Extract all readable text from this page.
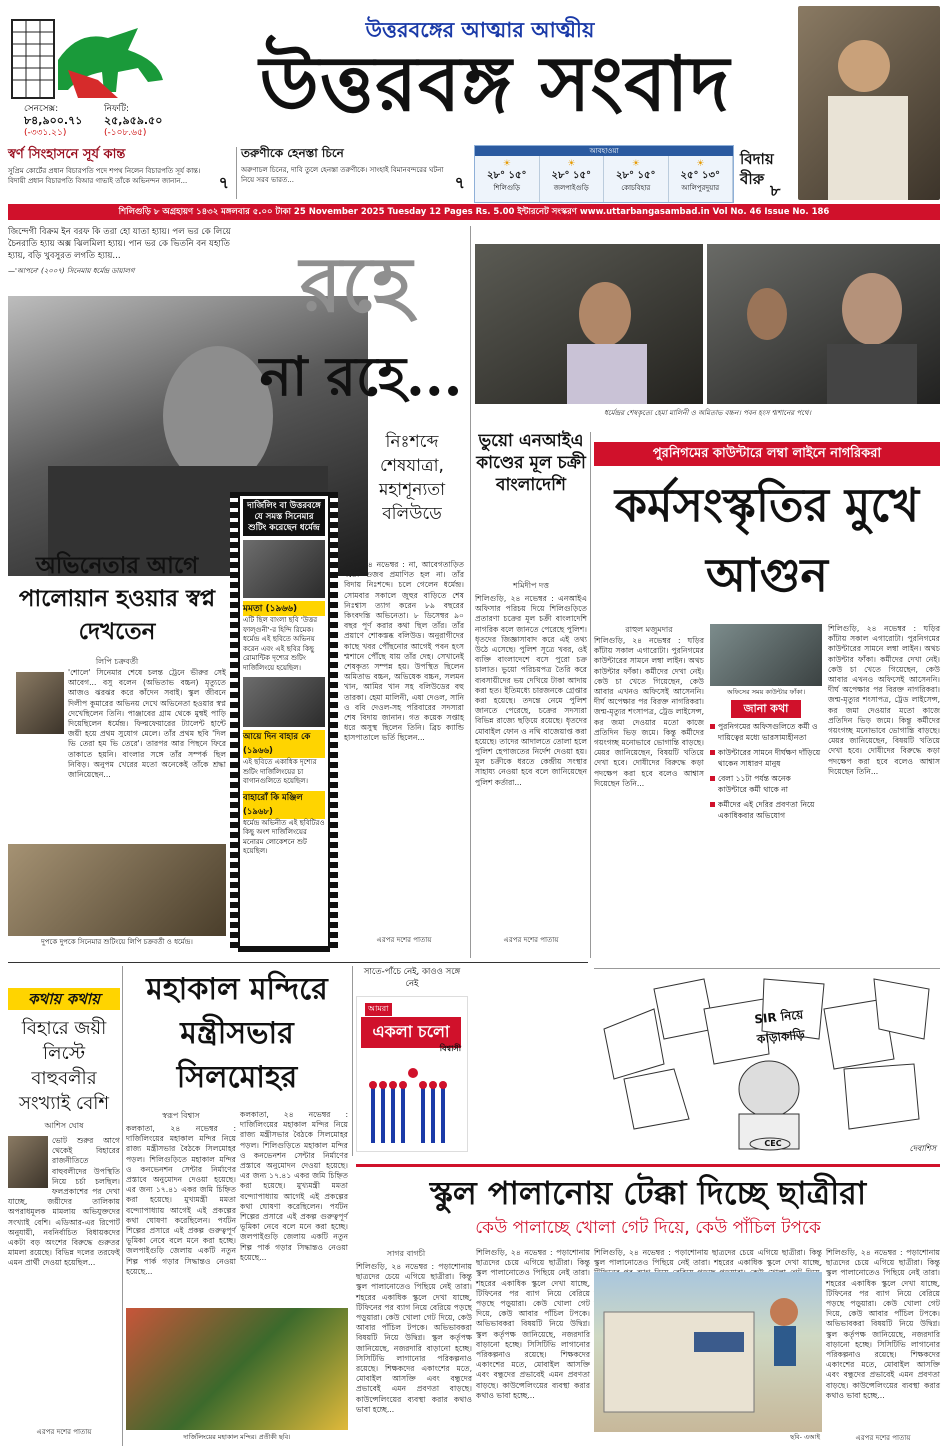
সেনসেক্স:
৮৪,৯০০.৭১
(-৩৩১.২১)
নিফটি:
২৫,৯৫৯.৫০
(-১০৮.৬৫)
উত্তরবঙ্গের আত্মার আত্মীয়
উত্তরবঙ্গ সংবাদ
স্বর্ণ সিংহাসনে সূর্য কান্ত
সুপ্রিম কোর্টের প্রধান বিচারপতি পদে শপথ নিলেন বিচারপতি সূর্য কান্ত। বিদায়ী প্রধান বিচারপতি বিআর গাভাই তাঁকে অভিনন্দন জানান...	৭
তরুণীকে হেনস্তা চিনে
অরুণাচল চিনের, দাবি তুলে হেনস্তা তরুণীকে। সাংহাই বিমানবন্দরের ঘটনা নিয়ে সরব ভারত...	৭
আবহাওয়া
☀
২৮° ১৫°
শিলিগুড়ি
☀
২৮° ১৫°
জলপাইগুড়ি
☀
২৮° ১৫°
কোচবিহার
☀
২৫° ১৩°
আলিপুরদুয়ার
বিদায় বীরু
৮
শিলিগুড়ি ৮ অগ্রহায়ণ ১৪৩২ মঙ্গলবার ৫.০০ টাকা 25 November 2025 Tuesday 12 Pages Rs. 5.00 ইন্টারনেট সংস্করণ www.uttarbangasambad.in Vol No. 46 Issue No. 186
জিন্দেগী বিক্রম ইন বরফ কি তরা হো যাতা হ্যায়। পল ভর কে লিয়ে চৈনরাতি হ্যায় অক্স ঝিলমিলা হ্যায়। পান ভর কে ভিতনি বন যহাতি হ্যায়, বড়ি খুবসুরত লগতি হ্যায়...
—'আপনে' (২০০৭) সিনেমায় ধর্মেন্দ্র ডায়ালগ	রহে
না রহে...
নিঃশব্দে শেষযাত্রা, মহাশূন্যতা বলিউডে
দার্জিলিং বা উত্তরবঙ্গে যে সমস্ত সিনেমার শুটিং করেছেন ধর্মেন্দ্র
মমতা (১৯৬৬)
এটি ছিল বাংলা ছবি 'উত্তর ফাল্গুনী'-র হিন্দি রিমেক। ধর্মেন্দ্র এই ছবিতে অভিনয় করেন এবং এই ছবির কিছু রোমান্টিক দৃশ্যের শুটিং দার্জিলিংয়ে হয়েছিল।
আয়ে দিন বাহার কে (১৯৬৬)
এই ছবিতে একাধিক দৃশ্যের শুটিং দার্জিলিংয়ের চা বাগানগুলিতে হয়েছিল।
বাহারোঁ কি মঞ্জিল (১৯৬৮)
ধর্মেন্দ্র অভিনীত এই ছবিটিরও কিছু অংশ দার্জিলিংয়ের মনোরম লোকেশনে শুট হয়েছিল।
অভিনেতার আগে পালোয়ান হওয়ার স্বপ্ন দেখতেন
লিপি চক্রবর্তী
'শোলে' সিনেমার শেষে চলন্ত ট্রেনে ভীরুর সেই আবেগ... বসু বলেন (অভিতাভ বচ্চন) মৃত্যুতে আজও ঝরঝর করে কাঁদেন সবাই। স্কুল জীবনে দিলীপ কুমারের অভিনয় দেখে অভিনেতা হওয়ার স্বপ্ন দেখেছিলেন তিনি। পাঞ্জাবের গ্রাম থেকে মুম্বই পাড়ি দিয়েছিলেন ধর্মেন্দ্র। ফিল্মফেয়ারের ট্যালেন্ট হান্টে জয়ী হয়ে প্রথম সুযোগ মেলে। তাঁর প্রথম ছবি 'দিল ভি তেরা হম ভি তেরে'। তারপর আর পিছনে ফিরে তাকাতে হয়নি। বাংলার সঙ্গে তাঁর সম্পর্ক ছিল নিবিড়। অনুপম খেরের মতো অনেকেই তাঁকে শ্রদ্ধা জানিয়েছেন...
দুপকে দুপকে সিনেমার শুটিংয়ে লিপি চক্রবর্তী ও ধর্মেন্দ্র।
মুম্বই, ২৪ নভেম্বর : না, আবেগতাড়িত মতো গুজব প্রমাণিত হল না। তাঁর বিদায় নিঃশব্দে। চলে গেলেন ধর্মেন্দ্র। সোমবার সকালে জুহুর বাড়িতে শেষ নিঃশ্বাস ত্যাগ করেন ৮৯ বছরের কিংবদন্তি অভিনেতা। ৮ ডিসেম্বর ৯০ বছর পূর্ণ করার কথা ছিল তাঁর। তাঁর প্রয়াণে শোকস্তব্ধ বলিউড। অনুরাগীদের কাছে খবর পৌঁছনোর আগেই পবন হংস শ্মশানে পৌঁছে যায় তাঁর দেহ। সেখানেই শেষকৃত্য সম্পন্ন হয়। উপস্থিত ছিলেন অমিতাভ বচ্চন, অভিষেক বচ্চন, সলমন খান, আমির খান সহ বলিউডের বহু তারকা। হেমা মালিনী, এষা দেওল, সানি ও ববি দেওল-সহ পরিবারের সদস্যরা শেষ বিদায় জানান। গত কয়েক সপ্তাহ ধরে অসুস্থ ছিলেন তিনি। ব্রিচ ক্যান্ডি হাসপাতালে ভর্তি ছিলেন...
এরপর দশের পাতায়
ধর্মেন্দ্রর শেষকৃত্যে হেমা মালিনী ও অমিতাভ বচ্চন। পবন হংস শ্মশানের পথে।
ভুয়ো এনআইএ কাণ্ডের মূল চক্রী বাংলাদেশি
শমিদীপ দত্ত
শিলিগুড়ি, ২৪ নভেম্বর : এনআইএ অফিসার পরিচয় দিয়ে শিলিগুড়িতে প্রতারণা চক্রের মূল চক্রী বাংলাদেশি নাগরিক বলে জানতে পেরেছে পুলিশ। ধৃতদের জিজ্ঞাসাবাদ করে এই তথ্য উঠে এসেছে। পুলিশ সূত্রে খবর, ওই ব্যক্তি বাংলাদেশে বসে পুরো চক্র চালাত। ভুয়ো পরিচয়পত্র তৈরি করে ব্যবসায়ীদের ভয় দেখিয়ে টাকা আদায় করা হত। ইতিমধ্যে চারজনকে গ্রেপ্তার করা হয়েছে। তদন্তে নেমে পুলিশ জানতে পেরেছে, চক্রের সদস্যরা বিভিন্ন রাজ্যে ছড়িয়ে রয়েছে। ধৃতদের মোবাইল ফোন ও নথি বাজেয়াপ্ত করা হয়েছে। তাদের আদালতে তোলা হলে পুলিশ হেপাজতের নির্দেশ দেওয়া হয়। মূল চক্রীকে ধরতে কেন্দ্রীয় সংস্থার সাহায্য নেওয়া হবে বলে জানিয়েছেন পুলিশ কর্তারা...
এরপর দশের পাতায়
পুরনিগমের কাউন্টারে লম্বা লাইনে নাগরিকরা
কর্মসংস্কৃতির মুখে আগুন
রাহুল মজুমদার
শিলিগুড়ি, ২৪ নভেম্বর : ঘড়ির কাঁটায় সকাল এগারোটা। পুরনিগমের কাউন্টারের সামনে লম্বা লাইন। অথচ কাউন্টার ফাঁকা। কর্মীদের দেখা নেই। কেউ চা খেতে গিয়েছেন, কেউ আবার এখনও অফিসেই আসেননি। দীর্ঘ অপেক্ষার পর বিরক্ত নাগরিকরা। জন্ম-মৃত্যুর শংসাপত্র, ট্রেড লাইসেন্স, কর জমা দেওয়ার মতো কাজে প্রতিদিন ভিড় জমে। কিন্তু কর্মীদের গয়ংগচ্ছ মনোভাবে ভোগান্তি বাড়ছে। মেয়র জানিয়েছেন, বিষয়টি খতিয়ে দেখা হবে। দোষীদের বিরুদ্ধে কড়া পদক্ষেপ করা হবে বলেও আশ্বাস দিয়েছেন তিনি...
অফিসের সময় কাউন্টার ফাঁকা।
জানা কথা
পুরনিগমের অফিসগুলিতে কর্মী ও দায়িত্বের মধ্যে ভারসাম্যহীনতা
কাউন্টারের সামনে দীর্ঘক্ষণ দাঁড়িয়ে থাকেন সাধারণ মানুষ
বেলা ১১টা পর্যন্ত অনেক কাউন্টারে কর্মী থাকে না
কর্মীদের এই দেরির প্রবণতা নিয়ে একাধিকবার অভিযোগ
শিলিগুড়ি, ২৪ নভেম্বর : ঘড়ির কাঁটায় সকাল এগারোটা। পুরনিগমের কাউন্টারের সামনে লম্বা লাইন। অথচ কাউন্টার ফাঁকা। কর্মীদের দেখা নেই। কেউ চা খেতে গিয়েছেন, কেউ আবার এখনও অফিসেই আসেননি। দীর্ঘ অপেক্ষার পর বিরক্ত নাগরিকরা। জন্ম-মৃত্যুর শংসাপত্র, ট্রেড লাইসেন্স, কর জমা দেওয়ার মতো কাজে প্রতিদিন ভিড় জমে। কিন্তু কর্মীদের গয়ংগচ্ছ মনোভাবে ভোগান্তি বাড়ছে। মেয়র জানিয়েছেন, বিষয়টি খতিয়ে দেখা হবে। দোষীদের বিরুদ্ধে কড়া পদক্ষেপ করা হবে বলেও আশ্বাস দিয়েছেন তিনি...
SIR নিয়ে কাড়াকাড়ি
CEC
দেবাশিস
কথায় কথায়
বিহারে জয়ী লিস্টে বাহুবলীর সংখ্যাই বেশি
আশিস ঘোষ
ভোট শুরুর আগে থেকেই বিহারের রাজনীতিতে বাহুবলীদের উপস্থিতি নিয়ে চর্চা চলছিল। ফলপ্রকাশের পর দেখা যাচ্ছে, জয়ীদের তালিকায় অপরাধমূলক মামলায় অভিযুক্তদের সংখ্যাই বেশি। এডিআর-এর রিপোর্ট অনুযায়ী, নবনির্বাচিত বিধায়কদের একটা বড় অংশের বিরুদ্ধে গুরুতর মামলা রয়েছে। বিভিন্ন দলের তরফেই এমন প্রার্থী দেওয়া হয়েছিল...
এরপর দশের পাতায়
মহাকাল মন্দিরে মন্ত্রীসভার সিলমোহর
স্বরূপ বিশ্বাস
কলকাতা, ২৪ নভেম্বর : দার্জিলিংয়ের মহাকাল মন্দির নিয়ে রাজ্য মন্ত্রীসভার বৈঠকে সিলমোহর পড়ল। শিলিগুড়িতে মহাকাল মন্দির ও কনভেনশন সেন্টার নির্মাণের প্রস্তাবে অনুমোদন দেওয়া হয়েছে। এর জন্য ১৭.৪১ একর জমি চিহ্নিত করা হয়েছে। মুখ্যমন্ত্রী মমতা বন্দ্যোপাধ্যায় আগেই এই প্রকল্পের কথা ঘোষণা করেছিলেন। পর্যটন শিল্পের প্রসারে এই প্রকল্প গুরুত্বপূর্ণ ভূমিকা নেবে বলে মনে করা হচ্ছে। জলপাইগুড়ি জেলায় একটি নতুন শিল্প পার্ক গড়ার সিদ্ধান্তও নেওয়া হয়েছে...
কলকাতা, ২৪ নভেম্বর : দার্জিলিংয়ের মহাকাল মন্দির নিয়ে রাজ্য মন্ত্রীসভার বৈঠকে সিলমোহর পড়ল। শিলিগুড়িতে মহাকাল মন্দির ও কনভেনশন সেন্টার নির্মাণের প্রস্তাবে অনুমোদন দেওয়া হয়েছে। এর জন্য ১৭.৪১ একর জমি চিহ্নিত করা হয়েছে। মুখ্যমন্ত্রী মমতা বন্দ্যোপাধ্যায় আগেই এই প্রকল্পের কথা ঘোষণা করেছিলেন। পর্যটন শিল্পের প্রসারে এই প্রকল্প গুরুত্বপূর্ণ ভূমিকা নেবে বলে মনে করা হচ্ছে। জলপাইগুড়ি জেলায় একটি নতুন শিল্প পার্ক গড়ার সিদ্ধান্তও নেওয়া হয়েছে...
দার্জিলিংয়ের মহাকাল মন্দির। প্রতীকী ছবি।
সাতে-পাঁচে নেই, কাওও সঙ্গে নেই
আমরা
একলা চলো
বিশ্বাসী
স্কুল পালানোয় টেক্কা দিচ্ছে ছাত্রীরা
কেউ পালাচ্ছে খোলা গেট দিয়ে, কেউ পাঁচিল টপকে
সাগর বাগচী
শিলিগুড়ি, ২৪ নভেম্বর : পড়াশোনায় ছাত্রদের চেয়ে এগিয়ে ছাত্রীরা। কিন্তু স্কুল পালানোতেও পিছিয়ে নেই তারা। শহরের একাধিক স্কুলে দেখা যাচ্ছে, টিফিনের পর ব্যাগ নিয়ে বেরিয়ে পড়ছে পড়ুয়ারা। কেউ খোলা গেট দিয়ে, কেউ আবার পাঁচিল টপকে। অভিভাবকরা বিষয়টি নিয়ে উদ্বিগ্ন। স্কুল কর্তৃপক্ষ জানিয়েছে, নজরদারি বাড়ানো হচ্ছে। সিসিটিভি লাগানোর পরিকল্পনাও রয়েছে। শিক্ষকদের একাংশের মতে, মোবাইল আসক্তি এবং বন্ধুদের প্রভাবেই এমন প্রবণতা বাড়ছে। কাউন্সেলিংয়ের ব্যবস্থা করার কথাও ভাবা হচ্ছে...
শিলিগুড়ি, ২৪ নভেম্বর : পড়াশোনায় ছাত্রদের চেয়ে এগিয়ে ছাত্রীরা। কিন্তু স্কুল পালানোতেও পিছিয়ে নেই তারা। শহরের একাধিক স্কুলে দেখা যাচ্ছে, টিফিনের পর ব্যাগ নিয়ে বেরিয়ে পড়ছে পড়ুয়ারা। কেউ খোলা গেট দিয়ে, কেউ আবার পাঁচিল টপকে। অভিভাবকরা বিষয়টি নিয়ে উদ্বিগ্ন। স্কুল কর্তৃপক্ষ জানিয়েছে, নজরদারি বাড়ানো হচ্ছে। সিসিটিভি লাগানোর পরিকল্পনাও রয়েছে। শিক্ষকদের একাংশের মতে, মোবাইল আসক্তি এবং বন্ধুদের প্রভাবেই এমন প্রবণতা বাড়ছে। কাউন্সেলিংয়ের ব্যবস্থা করার কথাও ভাবা হচ্ছে...
শিলিগুড়ি, ২৪ নভেম্বর : পড়াশোনায় ছাত্রদের চেয়ে এগিয়ে ছাত্রীরা। কিন্তু স্কুল পালানোতেও পিছিয়ে নেই তারা। শহরের একাধিক স্কুলে দেখা যাচ্ছে,
ছবি- এআই
শিলিগুড়ি, ২৪ নভেম্বর : পড়াশোনায় ছাত্রদের চেয়ে এগিয়ে ছাত্রীরা। কিন্তু স্কুল পালানোতেও পিছিয়ে নেই তারা। শহরের একাধিক স্কুলে দেখা যাচ্ছে, টিফিনের পর ব্যাগ নিয়ে বেরিয়ে পড়ছে পড়ুয়ারা। কেউ খোলা গেট দিয়ে, কেউ আবার পাঁচিল টপকে। অভিভাবকরা বিষয়টি নিয়ে উদ্বিগ্ন। স্কুল কর্তৃপক্ষ জানিয়েছে, নজরদারি বাড়ানো হচ্ছে। সিসিটিভি লাগানোর পরিকল্পনাও রয়েছে। শিক্ষকদের একাংশের মতে, মোবাইল আসক্তি এবং বন্ধুদের প্রভাবেই এমন প্রবণতা বাড়ছে। কাউন্সেলিংয়ের ব্যবস্থা করার কথাও ভাবা হচ্ছে...
এরপর দশের পাতায়
